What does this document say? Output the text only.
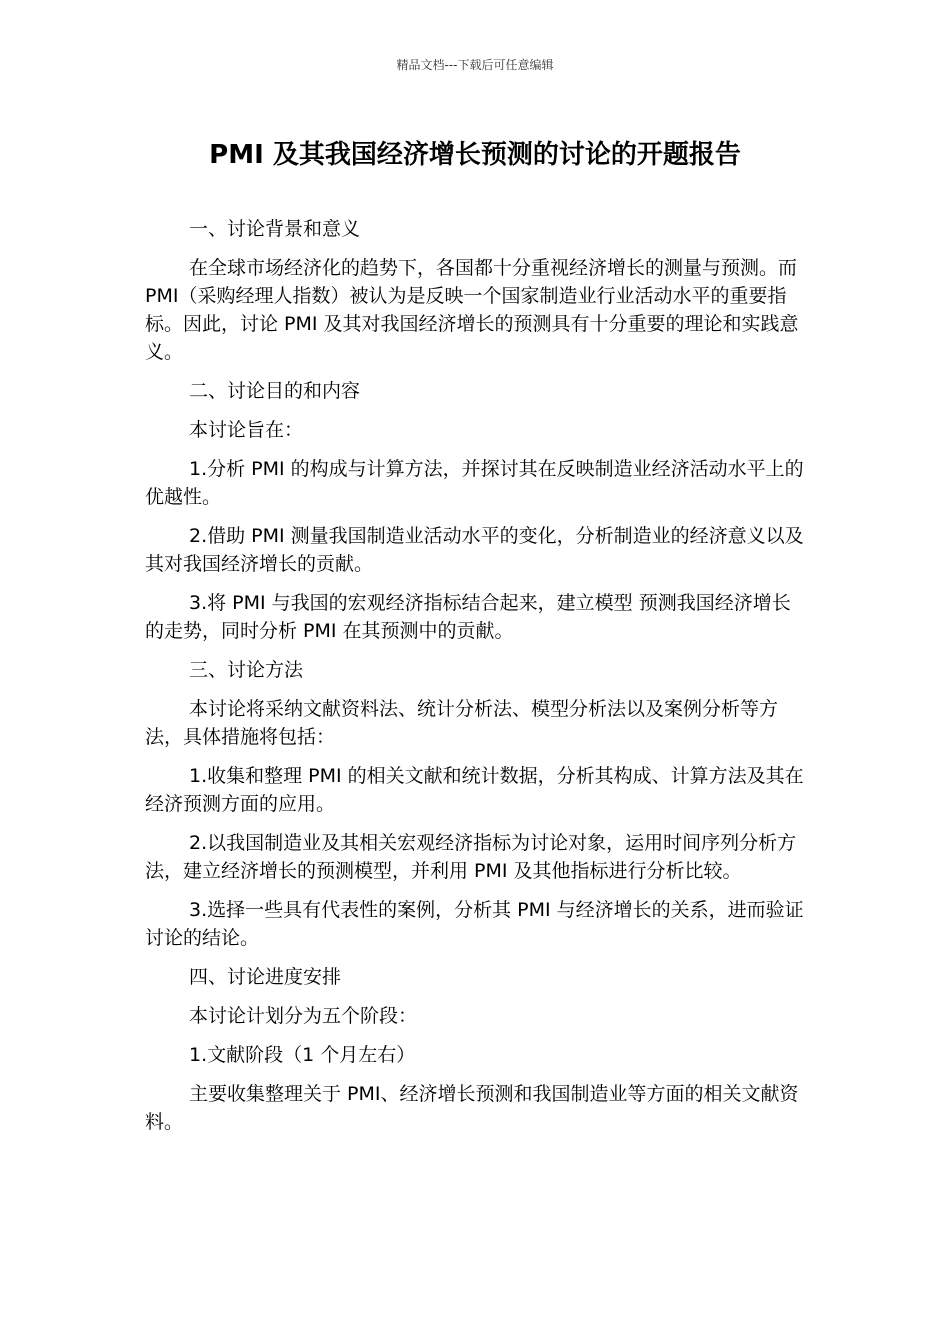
精品文档---下载后可任意编辑
PMI 及其我国经济增长预测的讨论的开题报告

一、讨论背景和意义

在全球市场经济化的趋势下，各国都十分重视经济增长的测量与预测。而 PMI（采购经理人指数）被认为是反映一个国家制造业行业活动水平的重要指标。因此，讨论 PMI 及其对我国经济增长的预测具有十分重要的理论和实践意义。

二、讨论目的和内容

本讨论旨在：

1.分析 PMI 的构成与计算方法，并探讨其在反映制造业经济活动水平上的优越性。

2.借助 PMI 测量我国制造业活动水平的变化，分析制造业的经济意义以及其对我国经济增长的贡献。

3.将 PMI 与我国的宏观经济指标结合起来，建立模型 预测我国经济增长的走势，同时分析 PMI 在其预测中的贡献。

三、讨论方法

本讨论将采纳文献资料法、统计分析法、模型分析法以及案例分析等方法，具体措施将包括：

1.收集和整理 PMI 的相关文献和统计数据，分析其构成、计算方法及其在经济预测方面的应用。

2.以我国制造业及其相关宏观经济指标为讨论对象，运用时间序列分析方法，建立经济增长的预测模型，并利用 PMI 及其他指标进行分析比较。

3.选择一些具有代表性的案例，分析其 PMI 与经济增长的关系，进而验证讨论的结论。

四、讨论进度安排

本讨论计划分为五个阶段：

1.文献阶段（1 个月左右）

主要收集整理关于 PMI、经济增长预测和我国制造业等方面的相关文献资料。
